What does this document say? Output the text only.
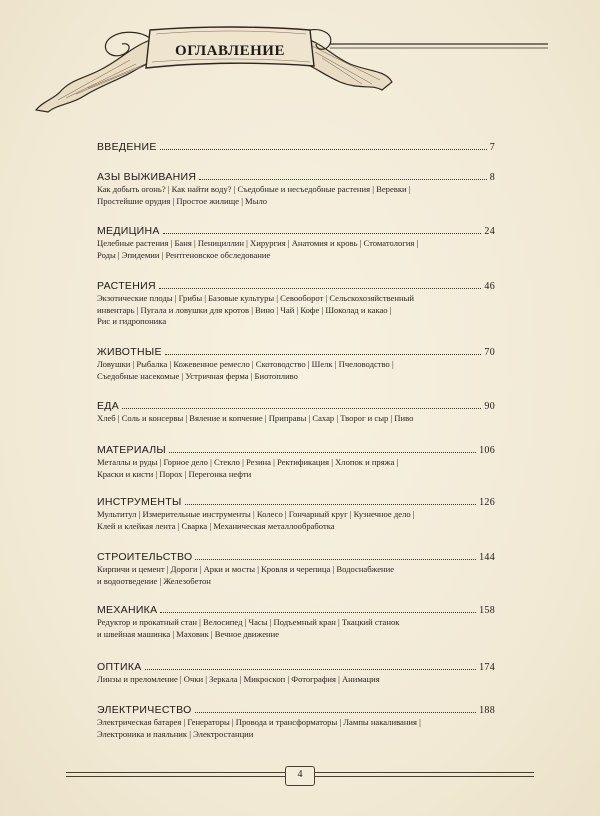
ОГЛАВЛЕНИЕ
ВВЕДЕНИЕ	7
АЗЫ ВЫЖИВАНИЯ	8
Как добыть огонь? | Как найти воду? | Съедобные и несъедобные растения | Веревки |
Простейшие орудия | Простое жилище | Мыло
МЕДИЦИНА	24
Целебные растения | Баня | Пенициллин | Хирургия | Анатомия и кровь | Стоматология |
Роды | Эпидемии | Рентгеновское обследование
РАСТЕНИЯ	46
Экзотические плоды | Грибы | Базовые культуры | Севооборот | Сельскохозяйственный
инвентарь | Пугала и ловушки для кротов | Вино | Чай | Кофе | Шоколад и какао |
Рис и гидропоника
ЖИВОТНЫЕ	70
Ловушки | Рыбалка | Кожевенное ремесло | Скотоводство | Шелк | Пчеловодство |
Съедобные насекомые | Устричная ферма | Биотопливо
ЕДА	90
Хлеб | Соль и консервы | Вяление и копчение | Приправы | Сахар | Творог и сыр | Пиво
МАТЕРИАЛЫ	106
Металлы и руды | Горное дело | Стекло | Резина | Ректификация | Хлопок и пряжа |
Краски и кисти | Порох | Перегонка нефти
ИНСТРУМЕНТЫ	126
Мультитул | Измерительные инструменты | Колесо | Гончарный круг | Кузнечное дело |
Клей и клейкая лента | Сварка | Механическая металлообработка
СТРОИТЕЛЬСТВО	144
Кирпичи и цемент | Дороги | Арки и мосты | Кровля и черепица | Водоснабжение
и водоотведение | Железобетон
МЕХАНИКА	158
Редуктор и прокатный стан | Велосипед | Часы | Подъемный кран | Ткацкий станок
и швейная машинка | Маховик | Вечное движение
ОПТИКА	174
Линзы и преломление | Очки | Зеркала | Микроскоп | Фотография | Анимация
ЭЛЕКТРИЧЕСТВО	188
Электрическая батарея | Генераторы | Провода и трансформаторы | Лампы накаливания |
Электроника и паяльник | Электростанции
4
